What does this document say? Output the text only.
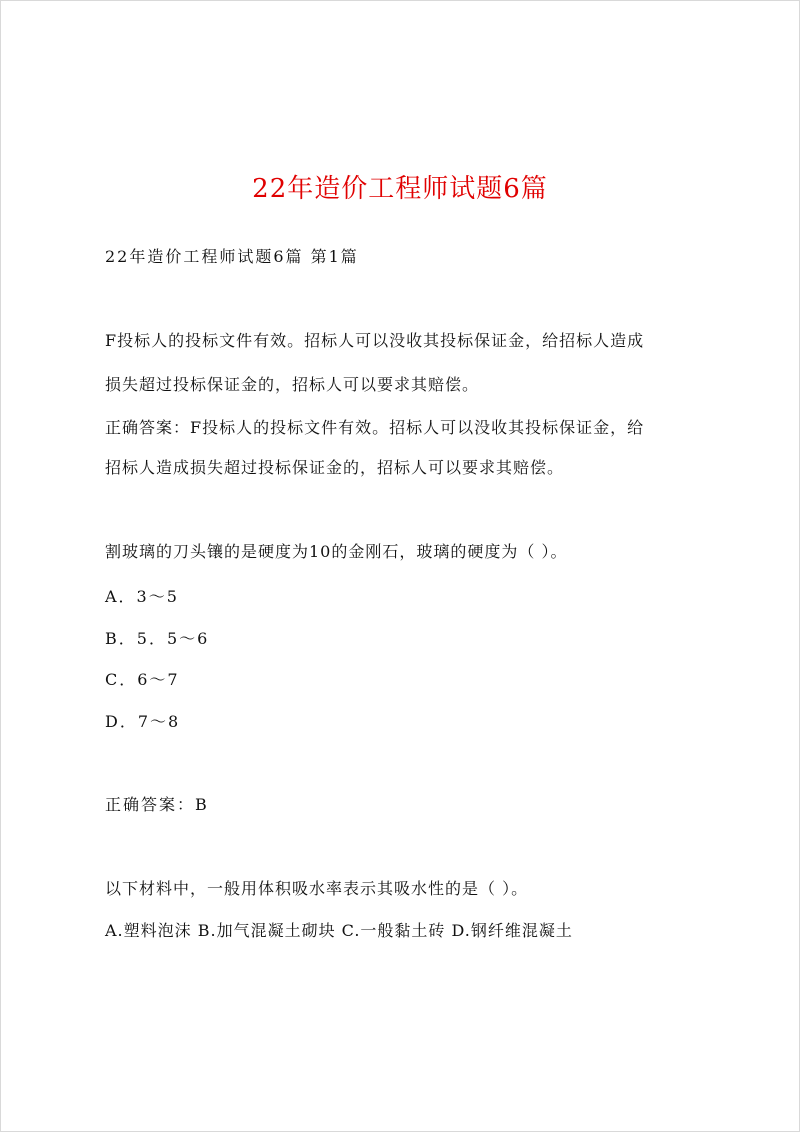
22年造价工程师试题6篇
22年造价工程师试题6篇 第1篇
F投标人的投标文件有效。招标人可以没收其投标保证金，给招标人造成
损失超过投标保证金的，招标人可以要求其赔偿。
正确答案：F投标人的投标文件有效。招标人可以没收其投标保证金，给
招标人造成损失超过投标保证金的，招标人可以要求其赔偿。
割玻璃的刀头镶的是硬度为10的金刚石，玻璃的硬度为（ ）。
A．3～5
B．5．5～6
C．6～7
D．7～8
正确答案：B
以下材料中，一般用体积吸水率表示其吸水性的是（ ）。
A.塑料泡沫 B.加气混凝土砌块 C.一般黏土砖 D.钢纤维混凝土
